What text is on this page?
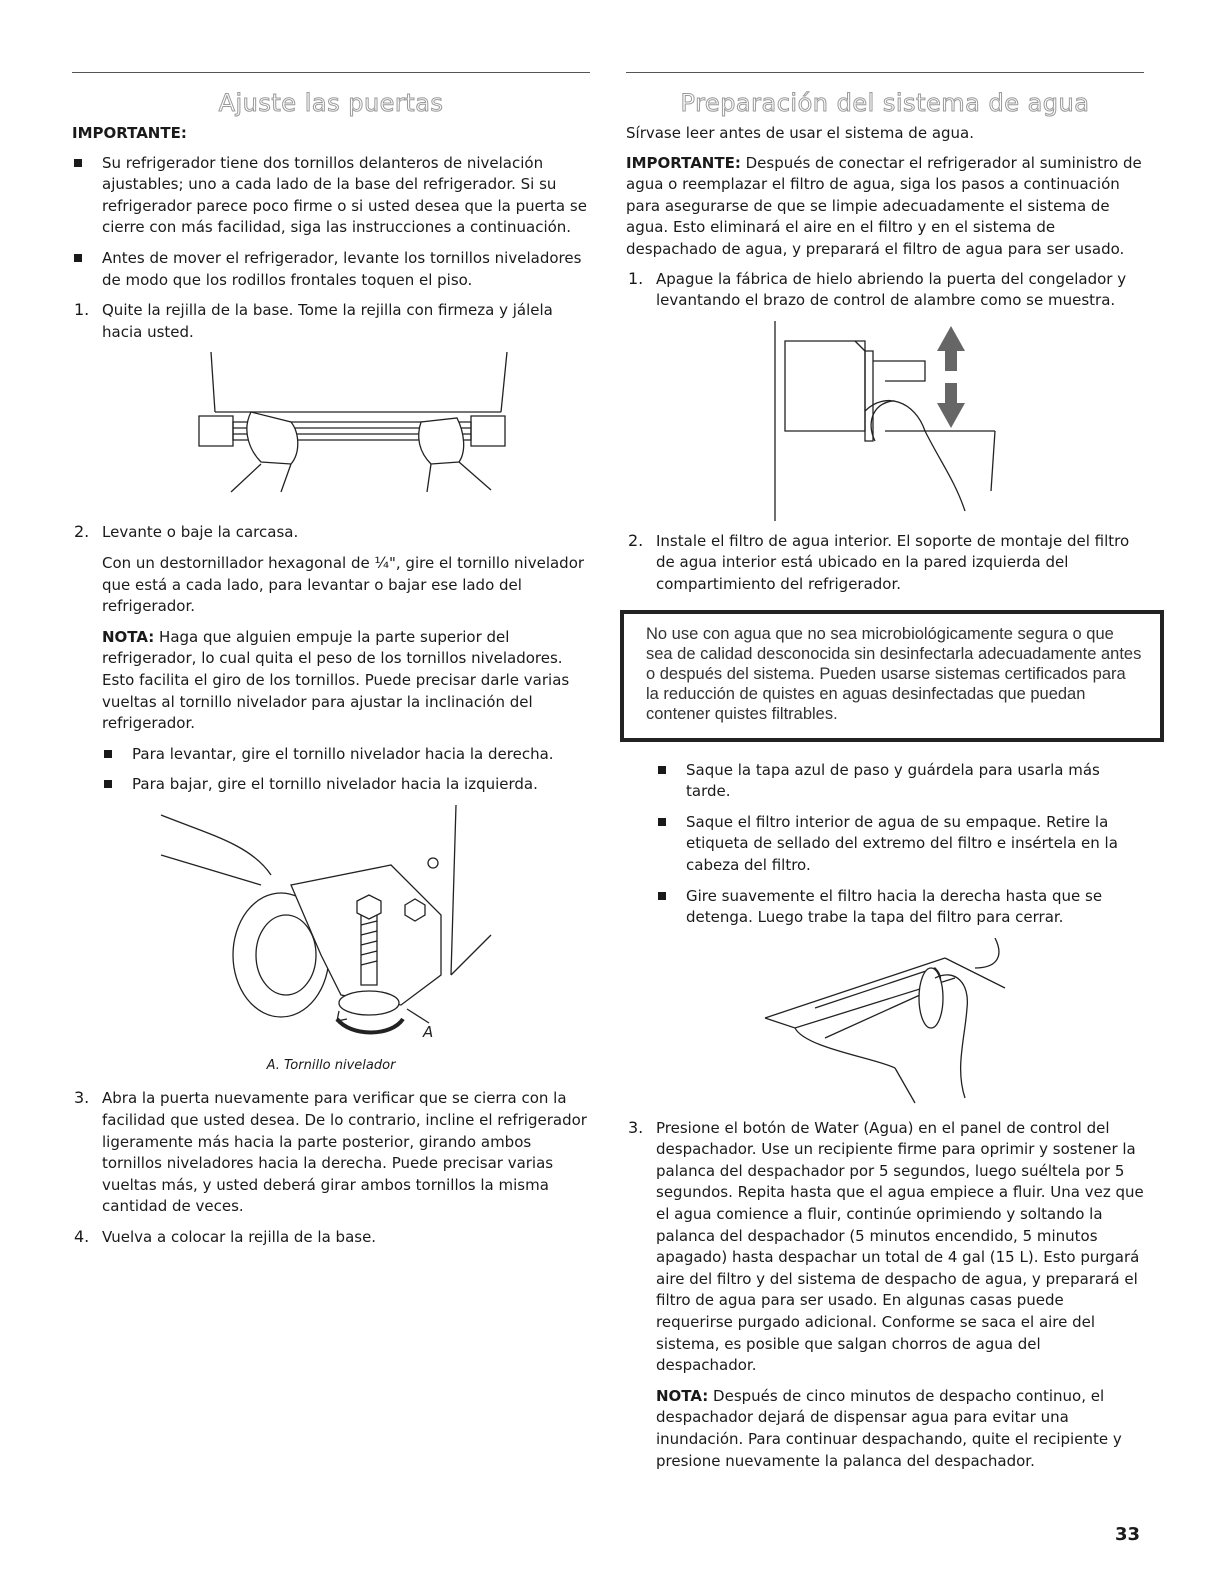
Ajuste las puertas

IMPORTANTE:

Su refrigerador tiene dos tornillos delanteros de nivelación ajustables; uno a cada lado de la base del refrigerador. Si su refrigerador parece poco firme o si usted desea que la puerta se cierre con más facilidad, siga las instrucciones a continuación.

Antes de mover el refrigerador, levante los tornillos niveladores de modo que los rodillos frontales toquen el piso.

1. Quite la rejilla de la base. Tome la rejilla con firmeza y jálela hacia usted.

2. Levante o baje la carcasa.

Con un destornillador hexagonal de ¼", gire el tornillo nivelador que está a cada lado, para levantar o bajar ese lado del refrigerador.

NOTA: Haga que alguien empuje la parte superior del refrigerador, lo cual quita el peso de los tornillos niveladores. Esto facilita el giro de los tornillos. Puede precisar darle varias vueltas al tornillo nivelador para ajustar la inclinación del refrigerador.

Para levantar, gire el tornillo nivelador hacia la derecha.

Para bajar, gire el tornillo nivelador hacia la izquierda.

A

A. Tornillo nivelador

3. Abra la puerta nuevamente para verificar que se cierra con la facilidad que usted desea. De lo contrario, incline el refrigerador ligeramente más hacia la parte posterior, girando ambos tornillos niveladores hacia la derecha. Puede precisar varias vueltas más, y usted deberá girar ambos tornillos la misma cantidad de veces.

4. Vuelva a colocar la rejilla de la base.

Preparación del sistema de agua

Sírvase leer antes de usar el sistema de agua.

IMPORTANTE: Después de conectar el refrigerador al suministro de agua o reemplazar el filtro de agua, siga los pasos a continuación para asegurarse de que se limpie adecuadamente el sistema de agua. Esto eliminará el aire en el filtro y en el sistema de despachado de agua, y preparará el filtro de agua para ser usado.

1. Apague la fábrica de hielo abriendo la puerta del congelador y levantando el brazo de control de alambre como se muestra.

2. Instale el filtro de agua interior. El soporte de montaje del filtro de agua interior está ubicado en la pared izquierda del compartimiento del refrigerador.

No use con agua que no sea microbiológicamente segura o que sea de calidad desconocida sin desinfectarla adecuadamente antes o después del sistema. Pueden usarse sistemas certificados para la reducción de quistes en aguas desinfectadas que puedan contener quistes filtrables.

Saque la tapa azul de paso y guárdela para usarla más tarde.

Saque el filtro interior de agua de su empaque. Retire la etiqueta de sellado del extremo del filtro e insértela en la cabeza del filtro.

Gire suavemente el filtro hacia la derecha hasta que se detenga. Luego trabe la tapa del filtro para cerrar.

3. Presione el botón de Water (Agua) en el panel de control del despachador. Use un recipiente firme para oprimir y sostener la palanca del despachador por 5 segundos, luego suéltela por 5 segundos. Repita hasta que el agua empiece a fluir. Una vez que el agua comience a fluir, continúe oprimiendo y soltando la palanca del despachador (5 minutos encendido, 5 minutos apagado) hasta despachar un total de 4 gal (15 L). Esto purgará aire del filtro y del sistema de despacho de agua, y preparará el filtro de agua para ser usado. En algunas casas puede requerirse purgado adicional. Conforme se saca el aire del sistema, es posible que salgan chorros de agua del despachador.

NOTA: Después de cinco minutos de despacho continuo, el despachador dejará de dispensar agua para evitar una inundación. Para continuar despachando, quite el recipiente y presione nuevamente la palanca del despachador.

33
